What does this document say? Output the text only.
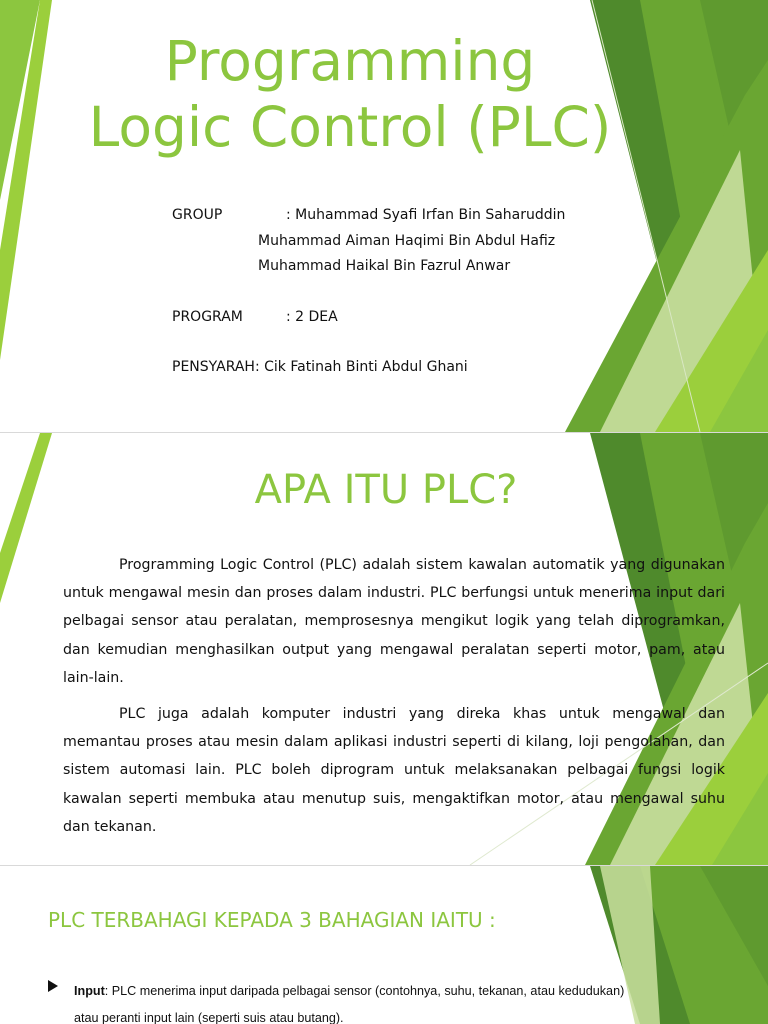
Programming
Logic Control (PLC)
GROUP	: Muhammad Syafi Irfan Bin Saharuddin
Muhammad Aiman Haqimi Bin Abdul Hafiz
Muhammad Haikal Bin Fazrul Anwar
PROGRAM	: 2 DEA
PENSYARAH: Cik Fatinah Binti Abdul Ghani
APA ITU PLC?

Programming Logic Control (PLC) adalah sistem kawalan automatik yang digunakan untuk mengawal mesin dan proses dalam industri. PLC berfungsi untuk menerima input dari pelbagai sensor atau peralatan, memprosesnya mengikut logik yang telah diprogramkan, dan kemudian menghasilkan output yang mengawal peralatan seperti motor, pam, atau lain-lain.

PLC juga adalah komputer industri yang direka khas untuk mengawal dan memantau proses atau mesin dalam aplikasi industri seperti di kilang, loji pengolahan, dan sistem automasi lain. PLC boleh diprogram untuk melaksanakan pelbagai fungsi logik kawalan seperti membuka atau menutup suis, mengaktifkan motor, atau mengawal suhu dan tekanan.

PLC TERBAHAGI KEPADA 3 BAHAGIAN IAITU :
Input: PLC menerima input daripada pelbagai sensor (contohnya, suhu, tekanan, atau kedudukan) atau peranti input lain (seperti suis atau butang).
